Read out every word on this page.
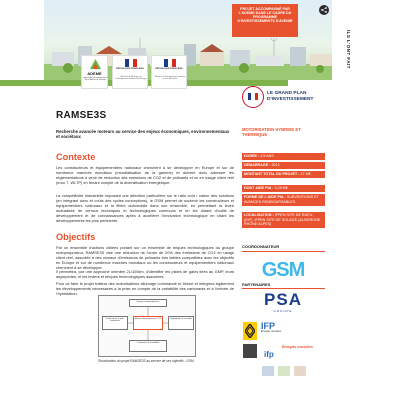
PROJET ACCOMPAGNÉ PAR L'ADEME DANS LE CADRE DU PROGRAMME D'INVESTISSEMENTS D'AVENIR
ILS L'ONT FAIT
ADEME
Agence de l'Environnement et de la Maîtrise de l'Énergie
RÉPUBLIQUE FRANÇAISE
Ministère de l'Écologie, du Développement durable et de l'Énergie
RÉPUBLIQUE FRANÇAISE
Ministère de l'Enseignement supérieur et de la Recherche
LE GRAND PLAN D'INVESTISSEMENT
RAMSE3S
Recherche avancée moteurs au service des enjeux économiques, environnementaux et sociétaux
Contexte
Les constructeurs et équipementiers nationaux cherchent à se développer en Europe et sur de nombreux marchés mondiaux (mondialisation de la gamme) et doivent donc adresser les réglementations à venir de réduction des émissions de CO2 et de polluants et ce en usage client réel (euro 7, WLTP) en tenant compte de la diversification énergétique.
La compétitivité industrielle imposant une attention particulière sur le ratio coût / valeur des solutions (en intégrant donc et coûts des cycles conceptions), le GSM permet de soutenir les constructeurs et équipementiers nationaux et la filière automobile dans son ensemble, en permettant la levée mutualisée de verrous techniques et technologiques communs et en les dotant d'outils de développement et de connaissances aptes à accélérer l'innovation technologique en citant les développements les plus pertinents.
Objectifs
Par un ensemble d'actions ciblées portant sur un ensemble de briques technologiques du groupe motopropulseur, RAMSE3S vise une réduction de l'ordre de 20% des émissions de CO2 en usage client réel, associée à des niveaux d'émissions de polluants très faibles compatibles avec les objectifs en Europe et sur de nombreux marchés mondiaux ou les constructeurs et équipementiers nationaux cherchent à se développer.
Il permettra, par une approche orientée 2L/100km, d'identifier les pistes de gains liées au GMP, leurs asymptotes, et les leviers et briques technologiques associées.
Pour ce faire le projet traitera des motorisations allumage commandé et Diesel et intégrera également les développements nécessaires à la prise en compte de la variabilité des carburants et à l'arrivée de l'hybridation.
Groupe motopropulseur
Combustion & post-traitement
Moteur thermique bas CO2	Hybridation & contrôle
Carburants & variabilité
Structuration du projet RAMSE3S au service de ses objectifs : GSM
MOTORISATION HYBRIDE ET THERMIQUE
DURÉE : 4,5 ANS
DÉMARRAGE : 2012
MONTANT TOTAL DU PROJET : 17 M€
DONT AIDE PIA : 3,28 M€
FORME DE L'AIDE PIA : SUBVENTIONS ET AVANCES REMBOURSABLES
LOCALISATION : IFPEN SITE DE RUEIL (IDF), IFPEN SITE DE SOLAIZE (AUVERGNE RHÔNE ALPES)
COORDONNATEUR
GSM
PARTENAIRES
PSA
GROUPE
IFP
Energies nouvelles
ifp
Énergies nouvelles
